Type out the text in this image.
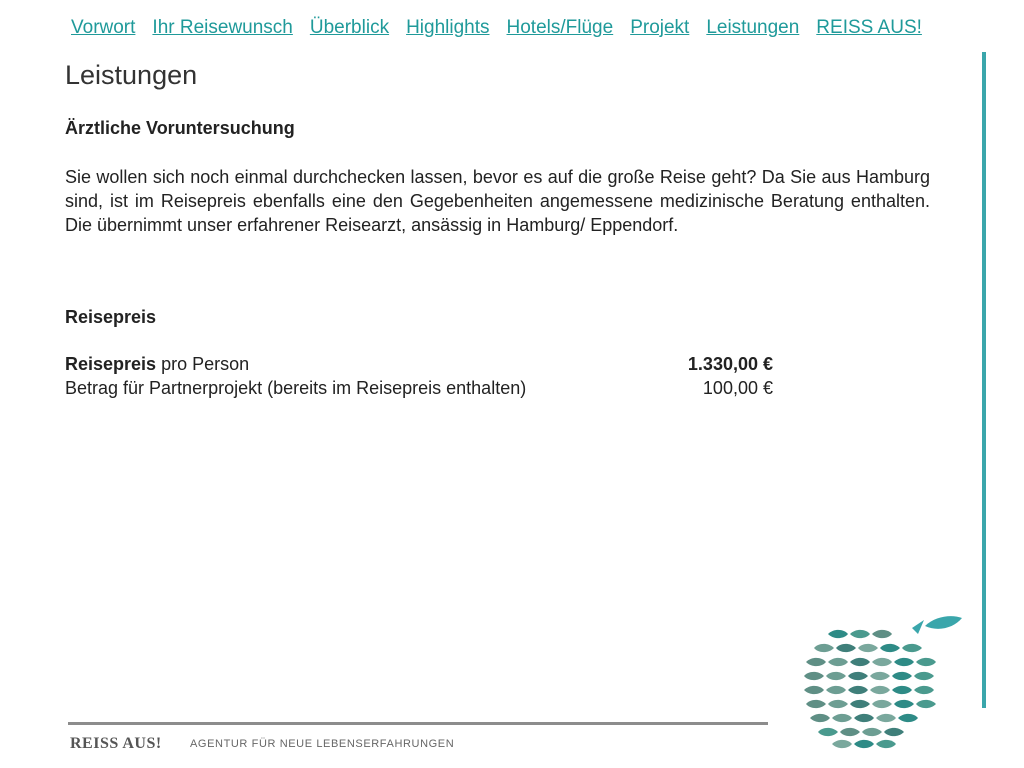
Vorwort Ihr Reisewunsch Überblick Highlights Hotels/Flüge Projekt Leistungen REISS AUS!
Leistungen
Ärztliche Voruntersuchung

Sie wollen sich noch einmal durchchecken lassen, bevor es auf die große Reise geht? Da Sie aus Hamburg sind, ist im Reisepreis ebenfalls eine den Gegebenheiten angemessene medizinische Beratung enthalten. Die übernimmt unser erfahrener Reisearzt, ansässig in Hamburg/ Eppendorf.

Reisepreis
Reisepreis pro Person	1.330,00 €
Betrag für Partnerprojekt (bereits im Reisepreis enthalten)	100,00 €
REISS AUS!	AGENTUR FÜR NEUE LEBENSERFAHRUNGEN
